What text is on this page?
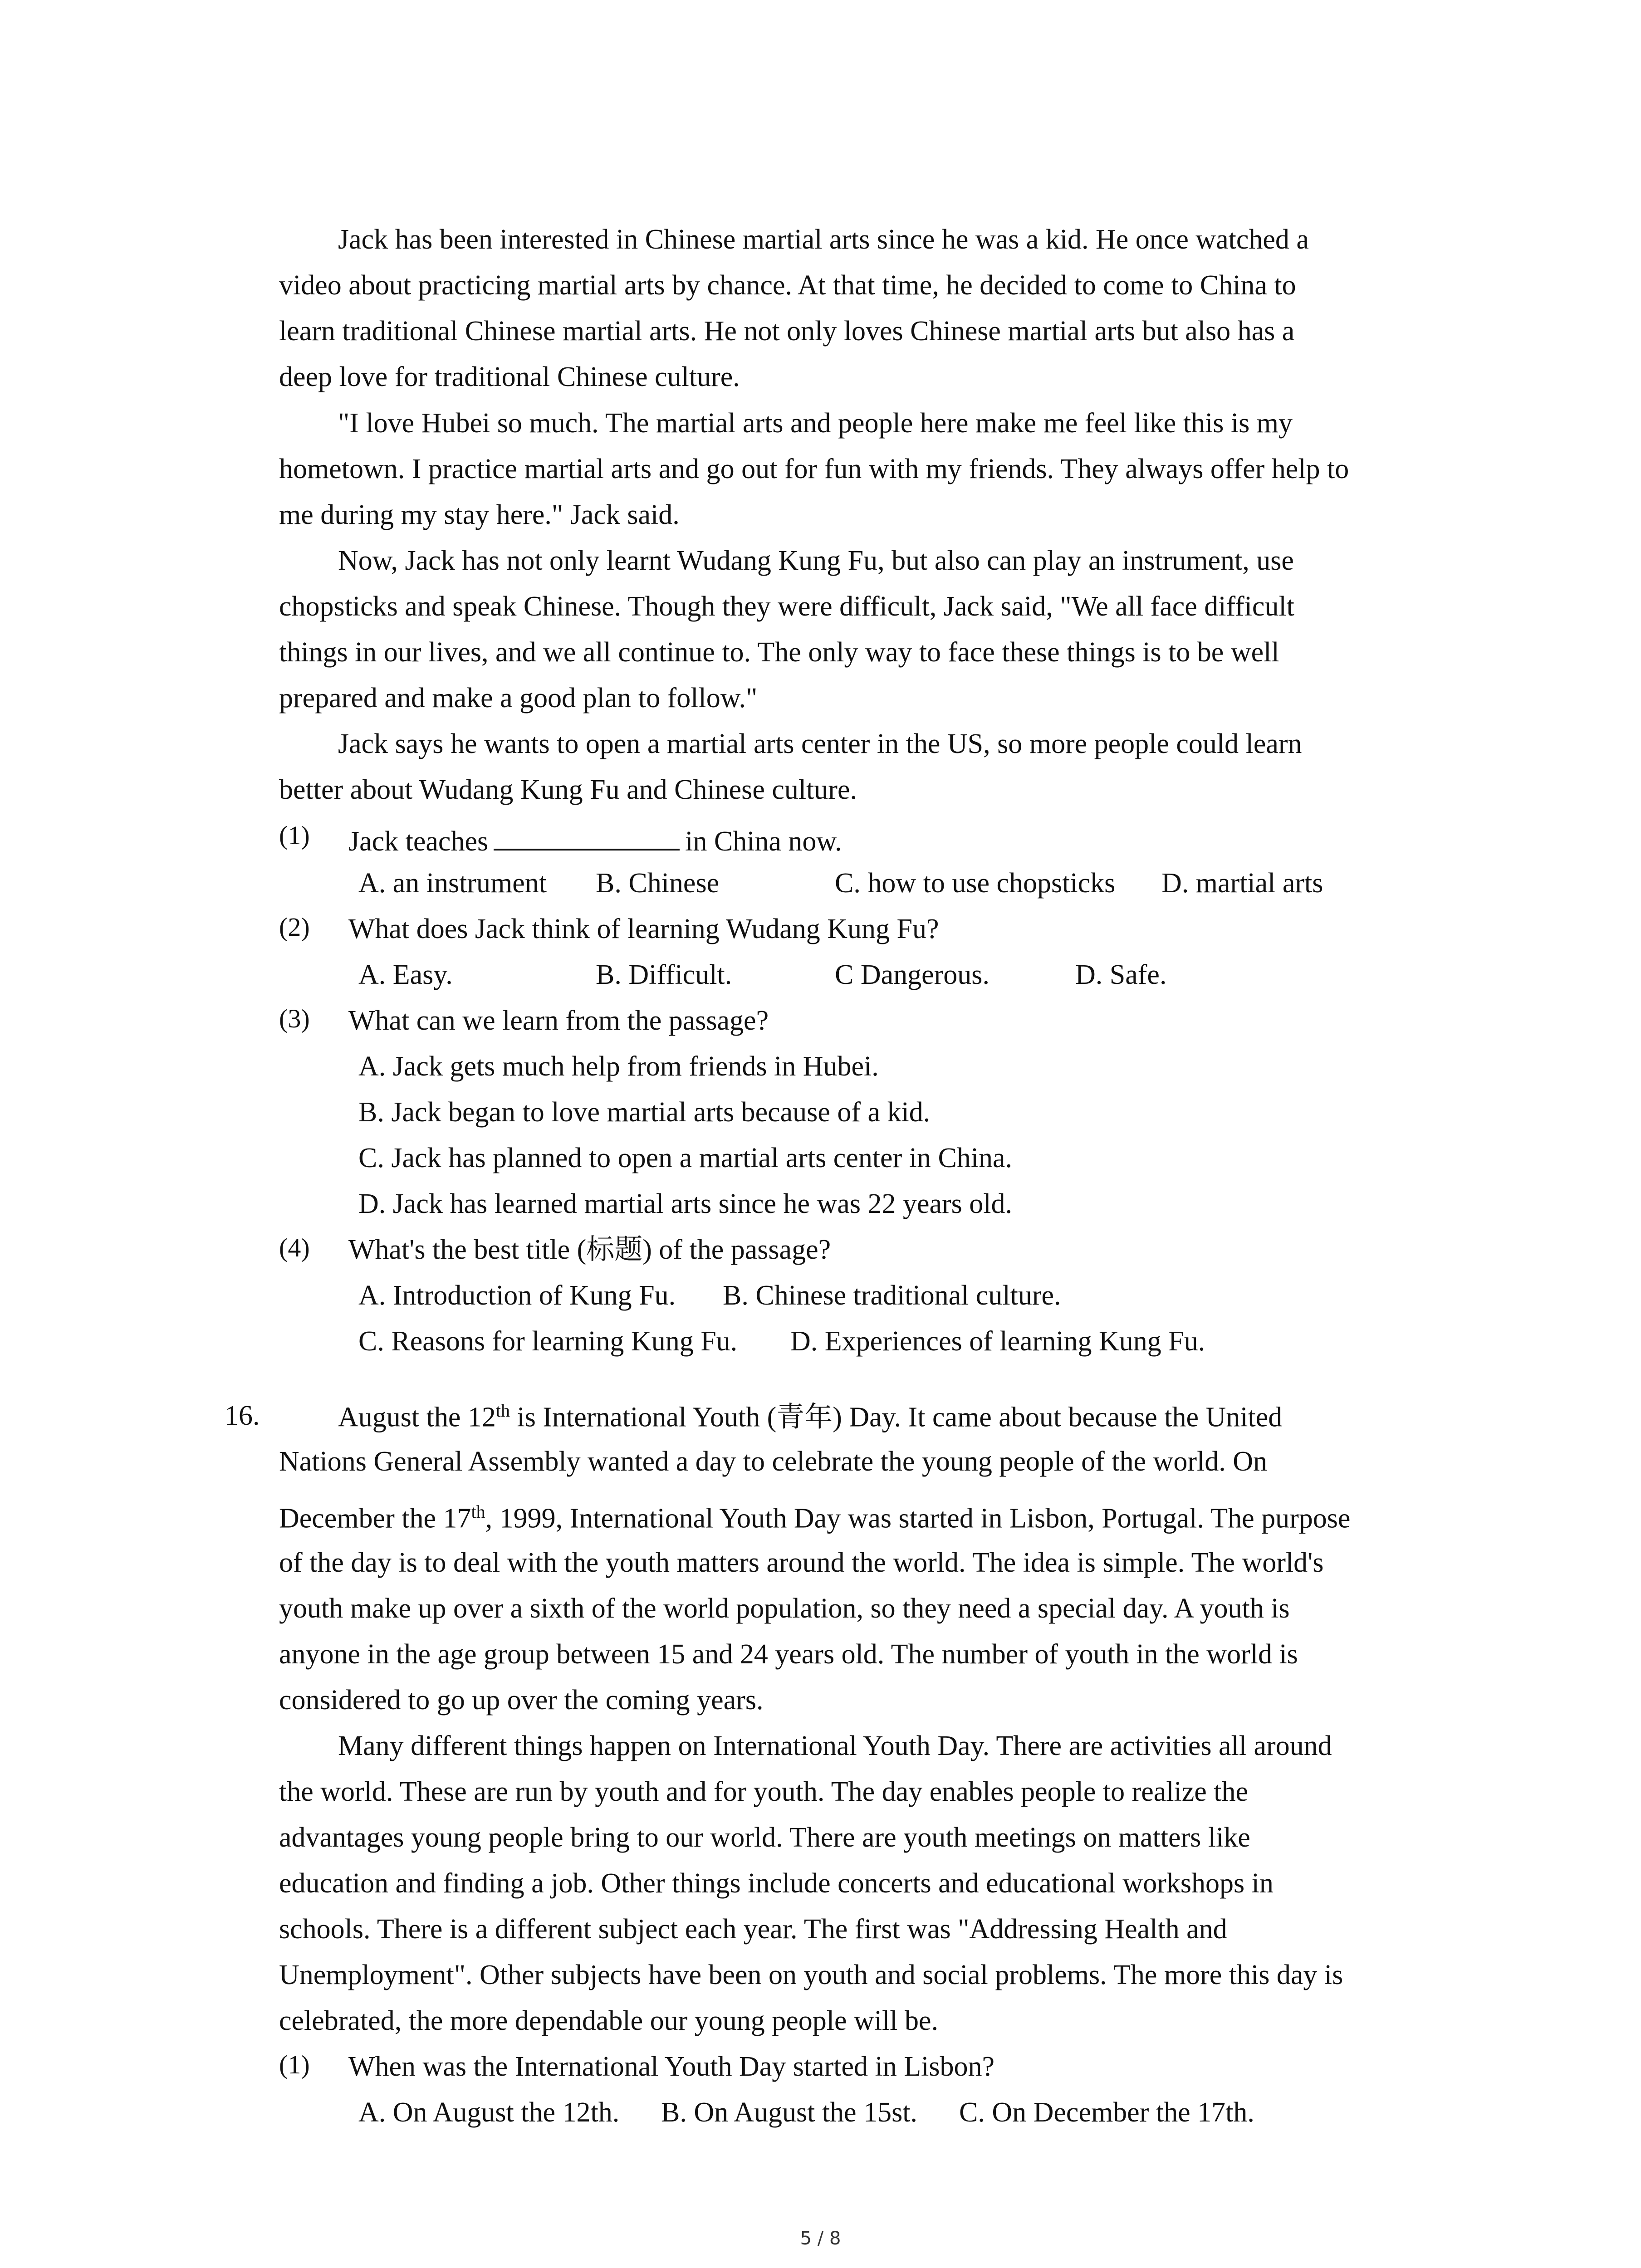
Jack has been interested in Chinese martial arts since he was a kid. He once watched a
video about practicing martial arts by chance. At that time, he decided to come to China to
learn traditional Chinese martial arts. He not only loves Chinese martial arts but also has a
deep love for traditional Chinese culture.
"I love Hubei so much. The martial arts and people here make me feel like this is my
hometown. I practice martial arts and go out for fun with my friends. They always offer help to
me during my stay here." Jack said.
Now, Jack has not only learnt Wudang Kung Fu, but also can play an instrument, use
chopsticks and speak Chinese. Though they were difficult, Jack said, "We all face difficult
things in our lives, and we all continue to. The only way to face these things is to be well
prepared and make a good plan to follow."
Jack says he wants to open a martial arts center in the US, so more people could learn
better about Wudang Kung Fu and Chinese culture.
(1) Jack teaches	in China now.
A. an instrument B. Chinese	C. how to use chopsticks D. martial arts
(2) What does Jack think of learning Wudang Kung Fu?
A. Easy.	B. Difficult.	C Dangerous.	D. Safe.
(3) What can we learn from the passage?
A. Jack gets much help from friends in Hubei.
B. Jack began to love martial arts because of a kid.
C. Jack has planned to open a martial arts center in China.
D. Jack has learned martial arts since he was 22 years old.
(4) What's the best title (标题) of the passage?
A. Introduction of Kung Fu. B. Chinese traditional culture.
C. Reasons for learning Kung Fu. D. Experiences of learning Kung Fu.
16.	August the 12th is International Youth (青年) Day. It came about because the United
Nations General Assembly wanted a day to celebrate the young people of the world. On
December the 17th, 1999, International Youth Day was started in Lisbon, Portugal. The purpose
of the day is to deal with the youth matters around the world. The idea is simple. The world's
youth make up over a sixth of the world population, so they need a special day. A youth is
anyone in the age group between 15 and 24 years old. The number of youth in the world is
considered to go up over the coming years.
Many different things happen on International Youth Day. There are activities all around
the world. These are run by youth and for youth. The day enables people to realize the
advantages young people bring to our world. There are youth meetings on matters like
education and finding a job. Other things include concerts and educational workshops in
schools. There is a different subject each year. The first was "Addressing Health and
Unemployment". Other subjects have been on youth and social problems. The more this day is
celebrated, the more dependable our young people will be.
(1) When was the International Youth Day started in Lisbon?
A. On August the 12th. B. On August the 15st. C. On December the 17th.
5 / 8
